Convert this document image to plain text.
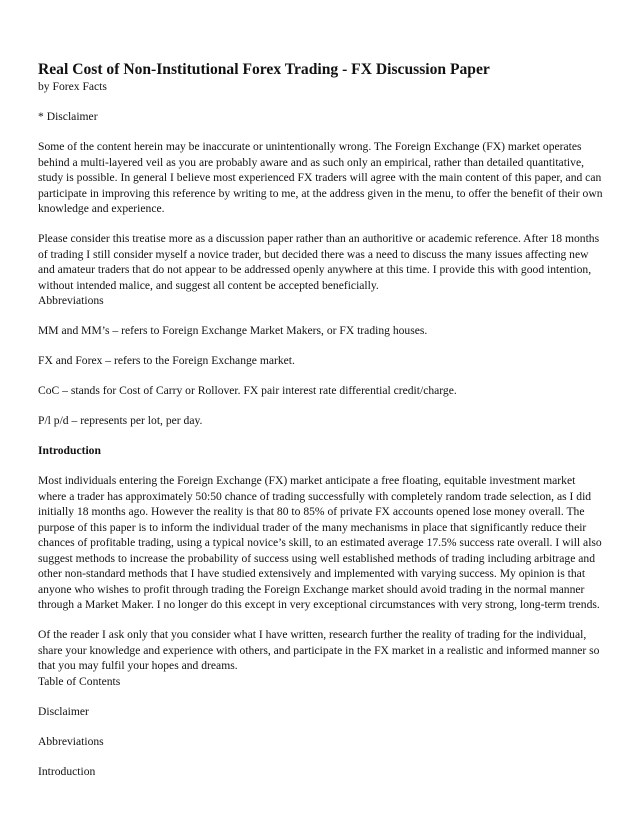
Real Cost of Non-Institutional Forex Trading - FX Discussion Paper
by Forex Facts
* Disclaimer

Some of the content herein may be inaccurate or unintentionally wrong. The Foreign Exchange (FX) market operates behind a multi-layered veil as you are probably aware and as such only an empirical, rather than detailed quantitative, study is possible. In general I believe most experienced FX traders will agree with the main content of this paper, and can participate in improving this reference by writing to me, at the address given in the menu, to offer the benefit of their own knowledge and experience.

Please consider this treatise more as a discussion paper rather than an authoritive or academic reference. After 18 months of trading I still consider myself a novice trader, but decided there was a need to discuss the many issues affecting new and amateur traders that do not appear to be addressed openly anywhere at this time. I provide this with good intention, without intended malice, and suggest all content be accepted beneficially.

Abbreviations
MM and MM’s – refers to Foreign Exchange Market Makers, or FX trading houses.
FX and Forex – refers to the Foreign Exchange market.
CoC – stands for Cost of Carry or Rollover. FX pair interest rate differential credit/charge.
P/l p/d – represents per lot, per day.
Introduction

Most individuals entering the Foreign Exchange (FX) market anticipate a free floating, equitable investment market where a trader has approximately 50:50 chance of trading successfully with completely random trade selection, as I did initially 18 months ago. However the reality is that 80 to 85% of private FX accounts opened lose money overall. The purpose of this paper is to inform the individual trader of the many mechanisms in place that significantly reduce their chances of profitable trading, using a typical novice’s skill, to an estimated average 17.5% success rate overall. I will also suggest methods to increase the probability of success using well established methods of trading including arbitrage and other non-standard methods that I have studied extensively and implemented with varying success. My opinion is that anyone who wishes to profit through trading the Foreign Exchange market should avoid trading in the normal manner through a Market Maker. I no longer do this except in very exceptional circumstances with very strong, long-term trends.

Of the reader I ask only that you consider what I have written, research further the reality of trading for the individual, share your knowledge and experience with others, and participate in the FX market in a realistic and informed manner so that you may fulfil your hopes and dreams.

Table of Contents
Disclaimer
Abbreviations
Introduction
